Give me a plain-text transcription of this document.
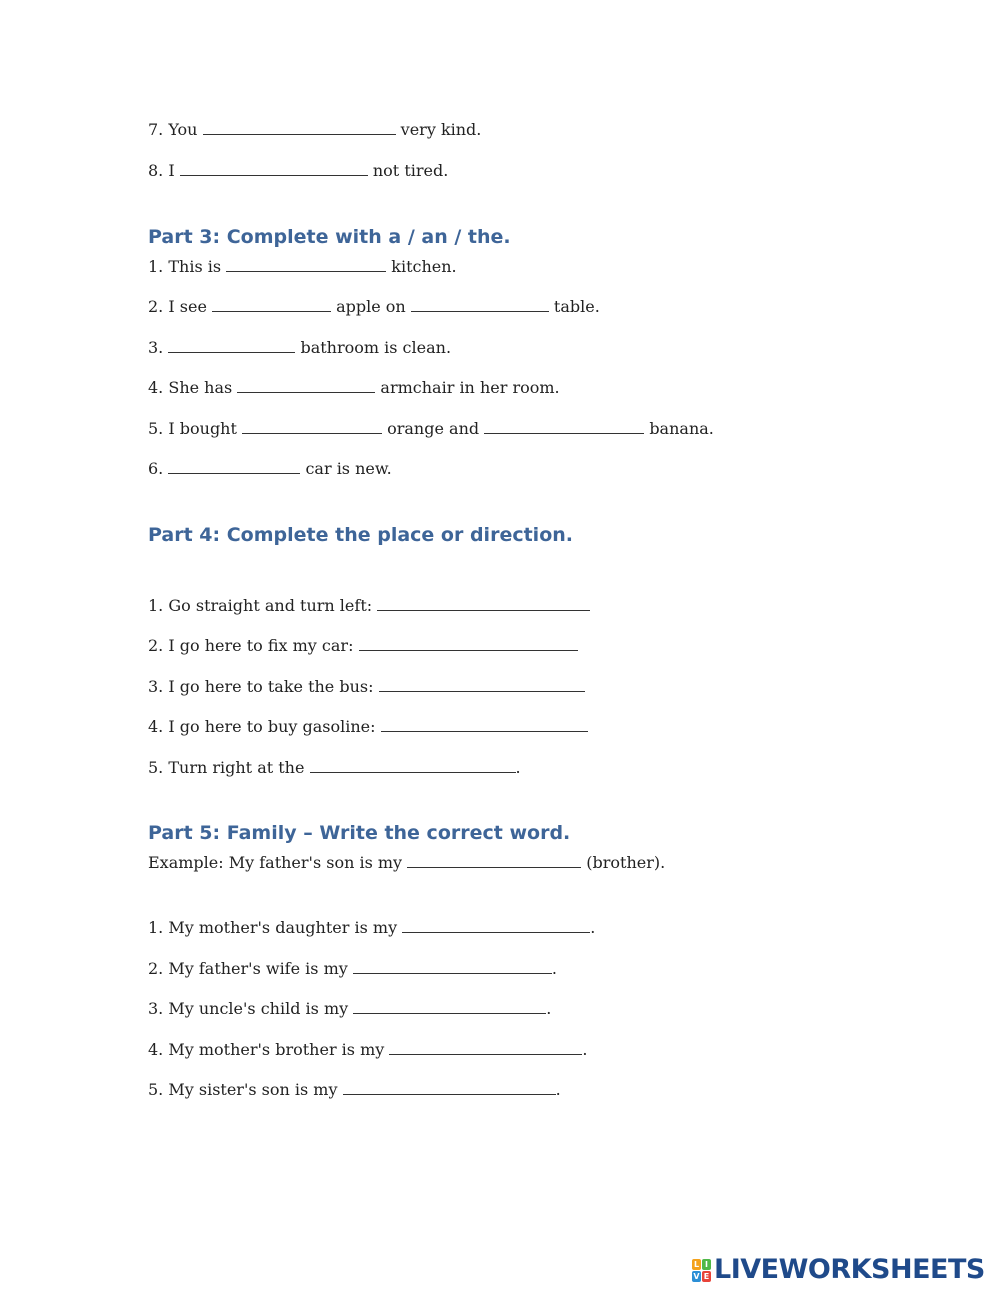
7. You	very kind.
8. I	not tired.
Part 3: Complete with a / an / the.
1. This is	kitchen.
2. I see	apple on	table.
3.	bathroom is clean.
4. She has	armchair in her room.
5. I bought	orange and	banana.
6.	car is new.
Part 4: Complete the place or direction.
1. Go straight and turn left:
2. I go here to fix my car:
3. I go here to take the bus:
4. I go here to buy gasoline:
5. Turn right at the	.
Part 5: Family – Write the correct word.
Example: My father's son is my	(brother).
1. My mother's daughter is my	.
2. My father's wife is my	.
3. My uncle's child is my	.
4. My mother's brother is my	.
5. My sister's son is my	.
L I
V E LIVEWORKSHEETS
